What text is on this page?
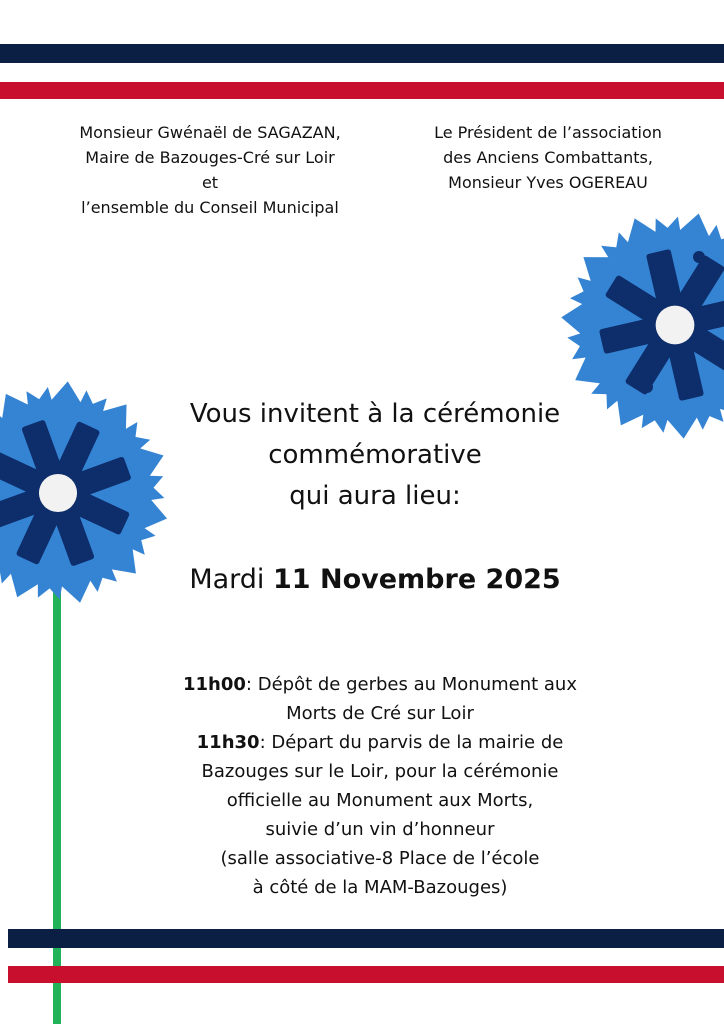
Monsieur Gwénaël de SAGAZAN,
Maire de Bazouges-Cré sur Loir
et
l’ensemble du Conseil Municipal
Le Président de l’association
des Anciens Combattants,
Monsieur Yves OGEREAU
Vous invitent à la cérémonie
commémorative
qui aura lieu:
Mardi 11 Novembre 2025
11h00: Dépôt de gerbes au Monument aux
Morts de Cré sur Loir
11h30: Départ du parvis de la mairie de
Bazouges sur le Loir, pour la cérémonie
officielle au Monument aux Morts,
suivie d’un vin d’honneur
(salle associative-8 Place de l’école
à côté de la MAM-Bazouges)
